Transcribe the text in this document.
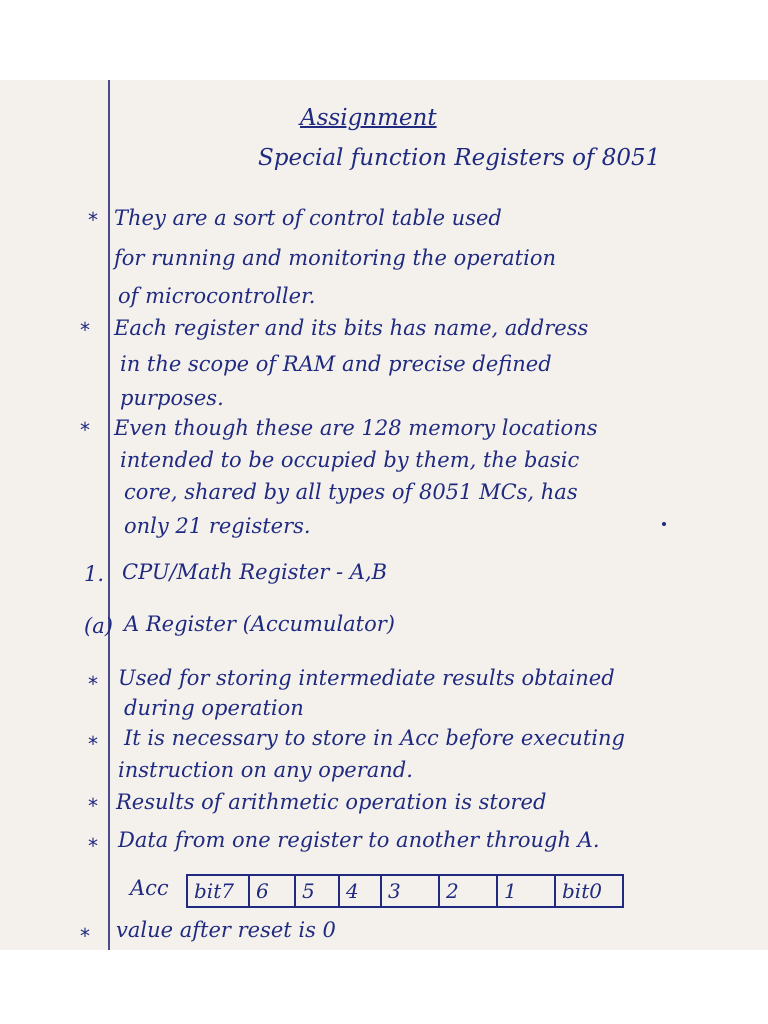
Assignment
Special function Registers of 8051
* They are a sort of control table used
for running and monitoring the operation
of microcontroller.
* Each register and its bits has name, address
in the scope of RAM and precise defined
purposes.
* Even though these are 128 memory locations
intended to be occupied by them, the basic
core, shared by all types of 8051 MCs, has
only 21 registers.
1. CPU/Math Register - A,B
(a) A Register (Accumulator)
* Used for storing intermediate results obtained
during operation
* It is necessary to store in Acc before executing
instruction on any operand.
* Results of arithmetic operation is stored
* Data from one register to another through A.
Acc	bit7	6	5	4	3	2	1	bit0
* value after reset is 0
